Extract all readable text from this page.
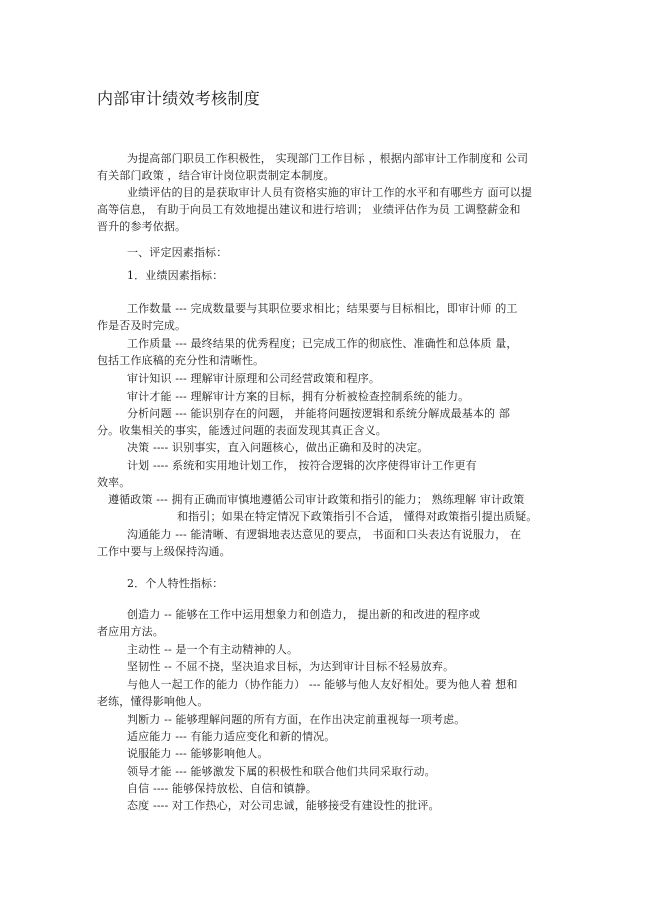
内部审计绩效考核制度
为提高部门职员工作积极性， 实现部门工作目标 ，根据内部审计工作制度和 公司
有关部门政策 ，结合审计岗位职责制定本制度。
业绩评估的目的是获取审计人员有资格实施的审计工作的水平和有哪些方 面可以提
高等信息， 有助于向员工有效地提出建议和进行培训； 业绩评估作为员 工调整薪金和
晋升的参考依据。
一、评定因素指标：
1．业绩因素指标：
工作数量 --- 完成数量要与其职位要求相比；结果要与目标相比，即审计师 的工
作是否及时完成。
工作质量 --- 最终结果的优秀程度；已完成工作的彻底性、准确性和总体质 量，
包括工作底稿的充分性和清晰性。
审计知识 --- 理解审计原理和公司经营政策和程序。
审计才能 --- 理解审计方案的目标，拥有分析被检查控制系统的能力。
分析问题 --- 能识别存在的问题， 并能将问题按逻辑和系统分解成最基本的 部
分。收集相关的事实，能透过问题的表面发现其真正含义。
决策 ---- 识别事实，直入问题核心，做出正确和及时的决定。
计划 ---- 系统和实用地计划工作， 按符合逻辑的次序使得审计工作更有
效率。
遵循政策 --- 拥有正确而审慎地遵循公司审计政策和指引的能力； 熟练理解 审计政策
和指引；如果在特定情况下政策指引不合适， 懂得对政策指引提出质疑。
沟通能力 --- 能清晰、有逻辑地表达意见的要点， 书面和口头表达有说服力， 在
工作中要与上级保持沟通。
2．个人特性指标：
创造力 -- 能够在工作中运用想象力和创造力， 提出新的和改进的程序或
者应用方法。
主动性 -- 是一个有主动精神的人。
坚韧性 -- 不屈不挠，坚决追求目标，为达到审计目标不轻易放弃。
与他人一起工作的能力（协作能力） --- 能够与他人友好相处。要为他人着 想和
老练，懂得影响他人。
判断力 -- 能够理解问题的所有方面，在作出决定前重视每一项考虑。
适应能力 --- 有能力适应变化和新的情况。
说服能力 --- 能够影响他人。
领导才能 --- 能够激发下属的积极性和联合他们共同采取行动。
自信 ---- 能够保持放松、自信和镇静。
态度 ---- 对工作热心，对公司忠诚，能够接受有建设性的批评。
